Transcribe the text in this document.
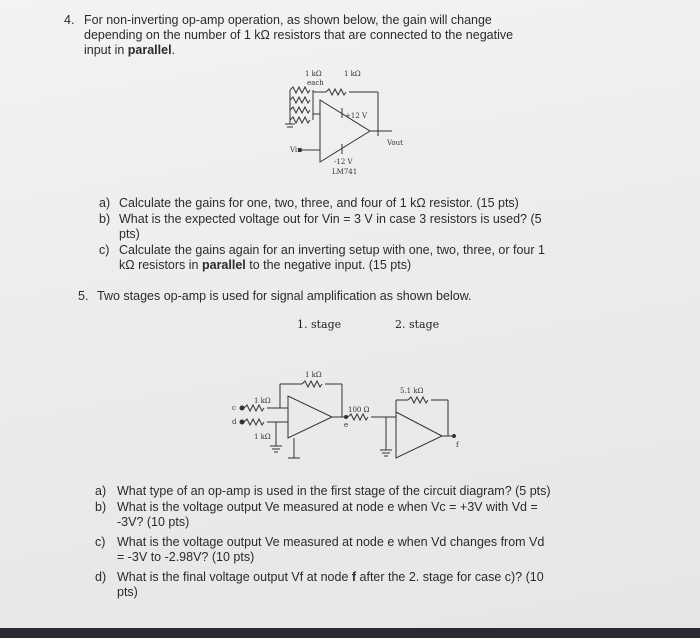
4. For non-inverting op-amp operation, as shown below, the gain will change
depending on the number of 1 kΩ resistors that are connected to the negative
input in parallel.
1 kΩ
each
1 kΩ
+12 V
Vin
-12 V
LM741
Vout
a) Calculate the gains for one, two, three, and four of 1 kΩ resistor. (15 pts)
b) What is the expected voltage out for Vin = 3 V in case 3 resistors is used? (5
pts)
c) Calculate the gains again for an inverting setup with one, two, three, or four 1
kΩ resistors in parallel to the negative input. (15 pts)
5. Two stages op-amp is used for signal amplification as shown below.
1. stage	2. stage
1 kΩ
5.1 kΩ
1 kΩ
c
d
1 kΩ
100 Ω
e
f
a) What type of an op-amp is used in the first stage of the circuit diagram? (5 pts)
b) What is the voltage output Ve measured at node e when Vc = +3V with Vd =
-3V? (10 pts)
c) What is the voltage output Ve measured at node e when Vd changes from Vd
= -3V to -2.98V? (10 pts)
d) What is the final voltage output Vf at node f after the 2. stage for case c)? (10
pts)
